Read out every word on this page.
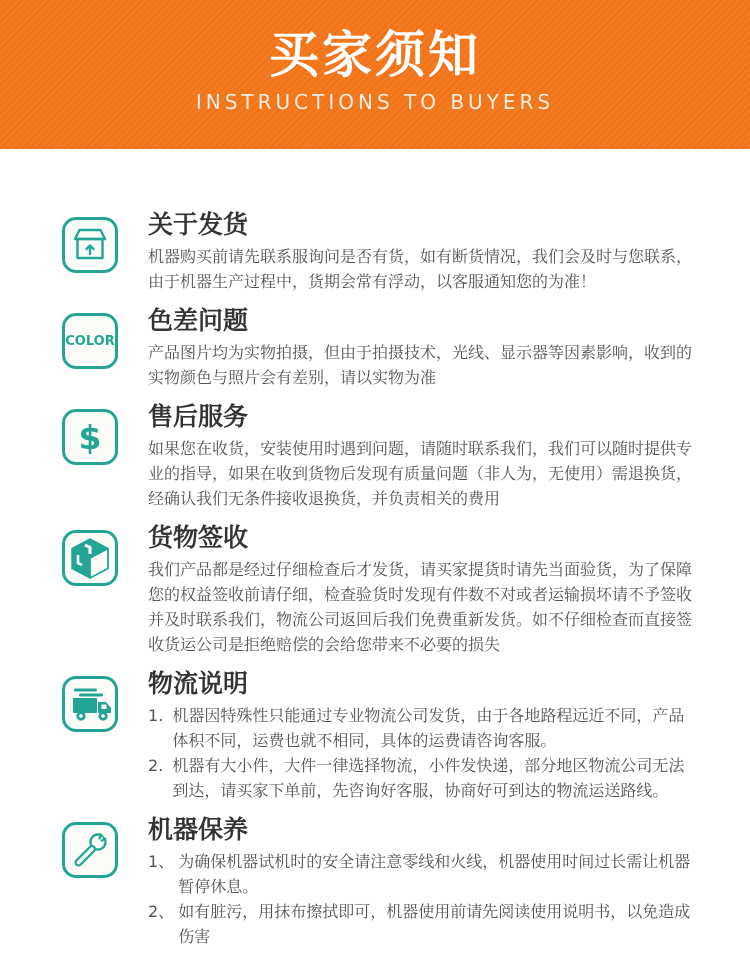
买家须知
INSTRUCTIONS TO BUYERS
关于发货
机器购买前请先联系服询问是否有货，如有断货情况，我们会及时与您联系，由于机器生产过程中，货期会常有浮动，以客服通知您的为准！
COLOR
色差问题
产品图片均为实物拍摄，但由于拍摄技术，光线、显示器等因素影响，收到的实物颜色与照片会有差别，请以实物为准
$
售后服务
如果您在收货，安装使用时遇到问题，请随时联系我们，我们可以随时提供专业的指导，如果在收到货物后发现有质量问题（非人为，无使用）需退换货，经确认我们无条件接收退换货，并负责相关的费用
货物签收
我们产品都是经过仔细检查后才发货，请买家提货时请先当面验货，为了保障您的权益签收前请仔细，检查验货时发现有件数不对或者运输损坏请不予签收并及时联系我们，物流公司返回后我们免费重新发货。如不仔细检查而直接签收货运公司是拒绝赔偿的会给您带来不必要的损失
物流说明
1. 机器因特殊性只能通过专业物流公司发货，由于各地路程远近不同，产品体积不同，运费也就不相同，具体的运费请咨询客服。
2. 机器有大小件，大件一律选择物流，小件发快递，部分地区物流公司无法到达，请买家下单前，先咨询好客服，协商好可到达的物流运送路线。
机器保养
1、 为确保机器试机时的安全请注意零线和火线，机器使用时间过长需让机器暂停休息。
2、 如有脏污，用抹布擦拭即可，机器使用前请先阅读使用说明书，以免造成伤害
